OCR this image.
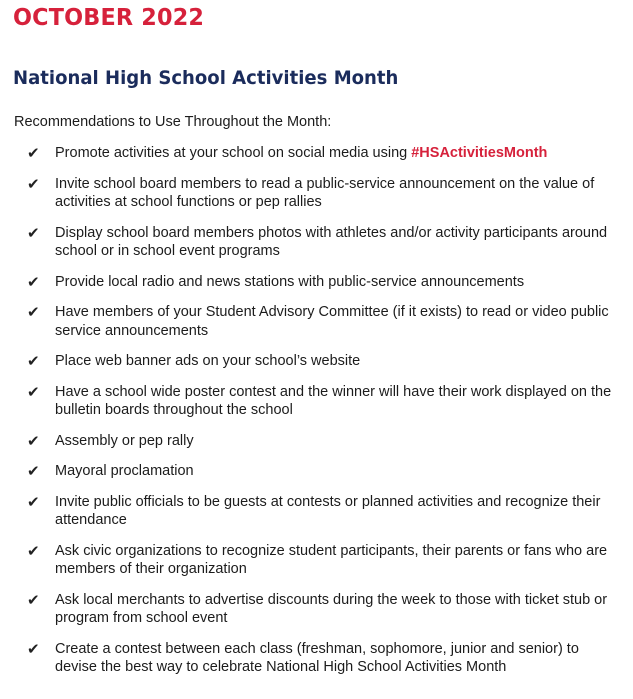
OCTOBER 2022
National High School Activities Month

Recommendations to Use Throughout the Month:

✔ Promote activities at your school on social media using #HSActivitiesMonth
✔ Invite school board members to read a public-service announcement on the value of activities at school functions or pep rallies
✔ Display school board members photos with athletes and/or activity participants around school or in school event programs
✔ Provide local radio and news stations with public-service announcements
✔ Have members of your Student Advisory Committee (if it exists) to read or video public service announcements
✔ Place web banner ads on your school’s website
✔ Have a school wide poster contest and the winner will have their work displayed on the bulletin boards throughout the school
✔ Assembly or pep rally
✔ Mayoral proclamation
✔ Invite public officials to be guests at contests or planned activities and recognize their attendance
✔ Ask civic organizations to recognize student participants, their parents or fans who are members of their organization
✔ Ask local merchants to advertise discounts during the week to those with ticket stub or program from school event
✔ Create a contest between each class (freshman, sophomore, junior and senior) to devise the best way to celebrate National High School Activities Month
